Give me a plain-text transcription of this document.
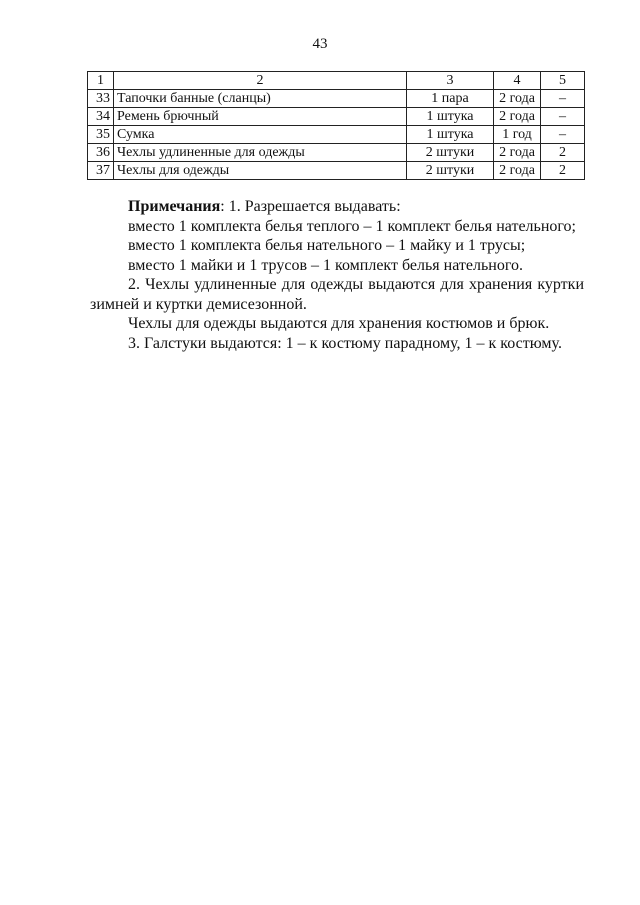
43
1	2	3	4	5
33	Тапочки банные (сланцы)	1 пара	2 года	–
34	Ремень брючный	1 штука	2 года	–
35	Сумка	1 штука	1 год	–
36	Чехлы удлиненные для одежды	2 штуки	2 года	2
37	Чехлы для одежды	2 штуки	2 года	2

Примечания: 1. Разрешается выдавать:

вместо 1 комплекта белья теплого – 1 комплект белья нательного;

вместо 1 комплекта белья нательного – 1 майку и 1 трусы;

вместо 1 майки и 1 трусов – 1 комплект белья нательного.

2. Чехлы удлиненные для одежды выдаются для хранения куртки зимней и куртки демисезонной.

Чехлы для одежды выдаются для хранения костюмов и брюк.

3. Галстуки выдаются: 1 – к костюму парадному, 1 – к костюму.
